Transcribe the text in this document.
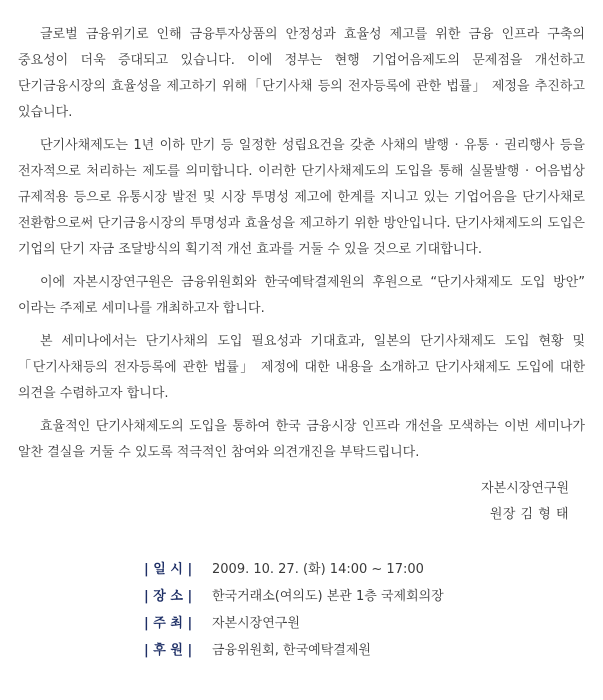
글로벌 금융위기로 인해 금융투자상품의 안정성과 효율성 제고를 위한 금융 인프라 구축의 중요성이 더욱 증대되고 있습니다. 이에 정부는 현행 기업어음제도의 문제점을 개선하고 단기금융시장의 효율성을 제고하기 위해「단기사채 등의 전자등록에 관한 법률」 제정을 추진하고 있습니다.

단기사채제도는 1년 이하 만기 등 일정한 성립요건을 갖춘 사채의 발행 · 유통 · 권리행사 등을 전자적으로 처리하는 제도를 의미합니다. 이러한 단기사채제도의 도입을 통해 실물발행 · 어음법상 규제적용 등으로 유통시장 발전 및 시장 투명성 제고에 한계를 지니고 있는 기업어음을 단기사채로 전환함으로써 단기금융시장의 투명성과 효율성을 제고하기 위한 방안입니다. 단기사채제도의 도입은 기업의 단기 자금 조달방식의 획기적 개선 효과를 거둘 수 있을 것으로 기대합니다.

이에 자본시장연구원은 금융위원회와 한국예탁결제원의 후원으로 “단기사채제도 도입 방안” 이라는 주제로 세미나를 개최하고자 합니다.

본 세미나에서는 단기사채의 도입 필요성과 기대효과, 일본의 단기사채제도 도입 현황 및「단기사채등의 전자등록에 관한 법률」 제정에 대한 내용을 소개하고 단기사채제도 도입에 대한 의견을 수렴하고자 합니다.

효율적인 단기사채제도의 도입을 통하여 한국 금융시장 인프라 개선을 모색하는 이번 세미나가 알찬 결실을 거둘 수 있도록 적극적인 참여와 의견개진을 부탁드립니다.

자본시장연구원
원장 김 형 태
| 일 시 |	2009. 10. 27. (화) 14:00 ~ 17:00
| 장 소 |	한국거래소(여의도) 본관 1층 국제회의장
| 주 최 |	자본시장연구원
| 후 원 |	금융위원회, 한국예탁결제원
